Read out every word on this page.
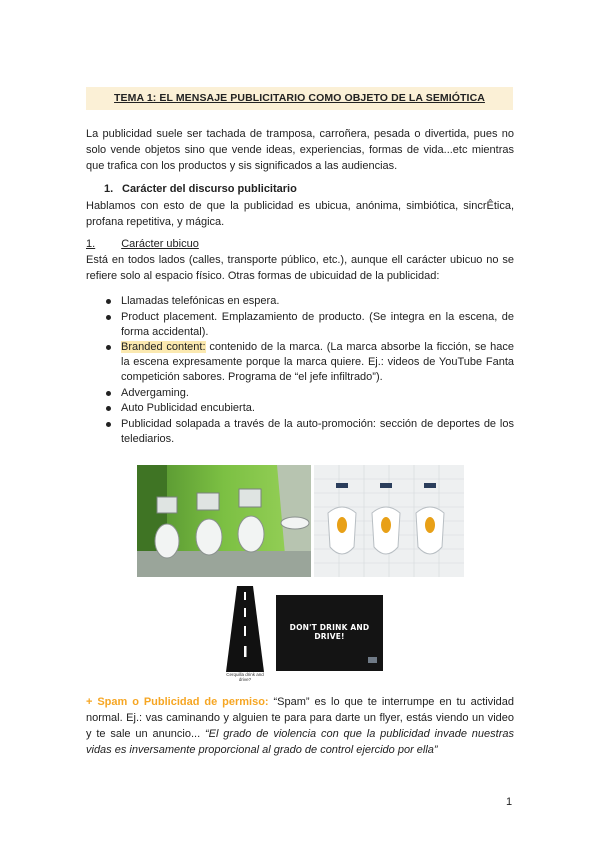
TEMA 1: EL MENSAJE PUBLICITARIO COMO OBJETO DE LA SEMIÓTICA
La publicidad suele ser tachada de tramposa, carroñera, pesada o divertida, pues no solo vende objetos sino que vende ideas, experiencias, formas de vida...etc mientras que trafica con los productos y sis significados a las audiencias.
1. Carácter del discurso publicitario
Hablamos con esto de que la publicidad es ubicua, anónima, simbiótica, sincrÊtica, profana repetitiva, y mágica.
1. Carácter ubicuo
Está en todos lados (calles, transporte público, etc.), aunque ell carácter ubicuo no se refiere solo al espacio físico. Otras formas de ubicuidad de la publicidad:
Llamadas telefónicas en espera.
Product placement. Emplazamiento de producto. (Se integra en la escena, de forma accidental).
Branded content: contenido de la marca. (La marca absorbe la ficción, se hace la escena expresamente porque la marca quiere. Ej.: videos de YouTube Fanta competición sabores. Programa de “el jefe infiltrado”).
Advergaming.
Auto Publicidad encubierta.
Publicidad solapada a través de la auto-promoción: sección de deportes de los telediarios.
Cerquilla drink and drive?
DON'T DRINK AND DRIVE!
+ Spam o Publicidad de permiso: “Spam” es lo que te interrumpe en tu actividad normal. Ej.: vas caminando y alguien te para para darte un flyer, estás viendo un video y te sale un anuncio... “El grado de violencia con que la publicidad invade nuestras vidas es inversamente proporcional al grado de control ejercido por ella”
1
